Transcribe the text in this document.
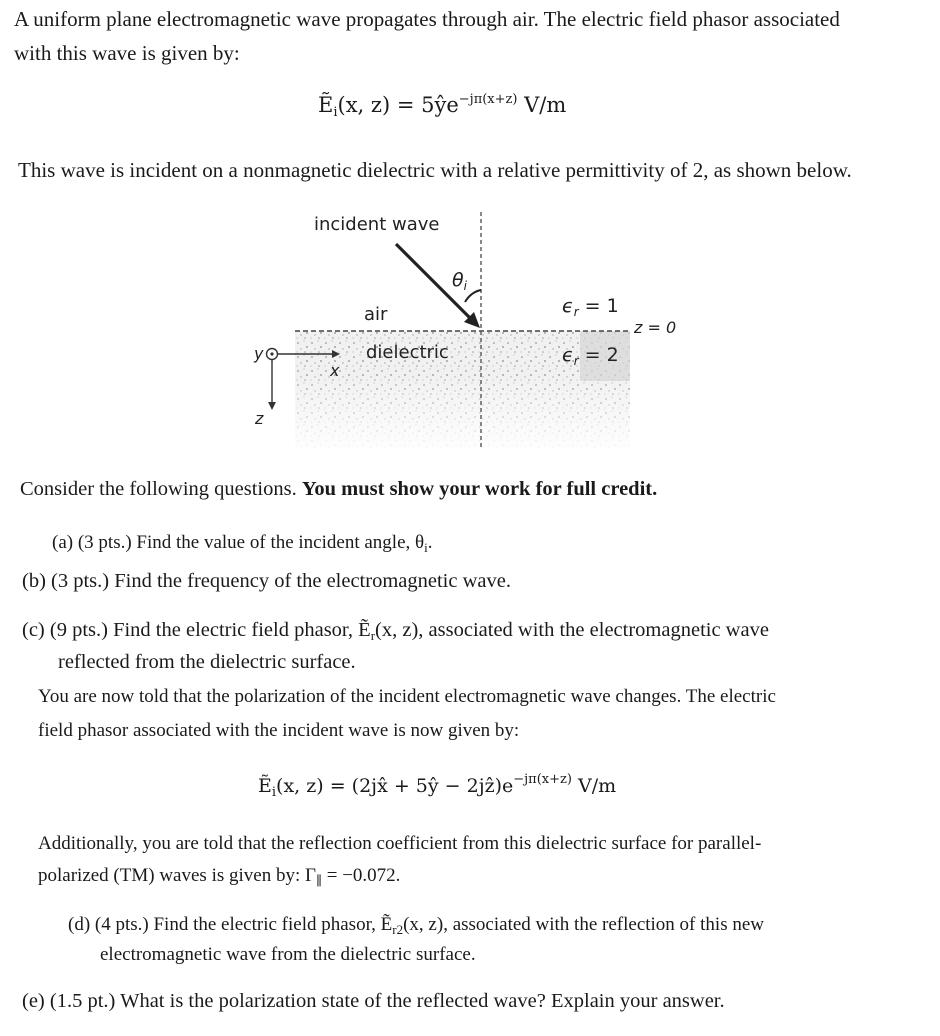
A uniform plane electromagnetic wave propagates through air. The electric field phasor associated
with this wave is given by:
Ẽ$_i$(x, $z) = 5ŷe^{-j\pi(x+z)}$ V/m
This wave is incident on a nonmagnetic dielectric with a relative permittivity of 2, as shown below.
incident wave
$\theta_i$
air
dielectric
$\epsilon_r = 1$
$\epsilon_r = 2$
z = 0
y
x
z
Consider the following questions. You must show your work for full credit.
(a) (3 pts.) Find the value of the incident angle, $\theta_i$.
(b) (3 pts.) Find the frequency of the electromagnetic wave.
(c) (9 pts.) Find the electric field phasor, Ẽ$_r$(x, z), associated with the electromagnetic wave
reflected from the dielectric surface.
You are now told that the polarization of the incident electromagnetic wave changes. The electric
field phasor associated with the incident wave is now given by:
Ẽ$_i$(x, z) = (2jx̂ + 5ŷ − $2jẑ)e^{-j\pi(x+z)}$ V/m
Additionally, you are told that the reflection coefficient from this dielectric surface for parallel-
polarized (TM) waves is given by: $\Gamma_\parallel = -0.072$.
(d) (4 pts.) Find the electric field phasor, Ẽ$_{r2}$(x, z), associated with the reflection of this new
electromagnetic wave from the dielectric surface.
(e) (1.5 pt.) What is the polarization state of the reflected wave? Explain your answer.
